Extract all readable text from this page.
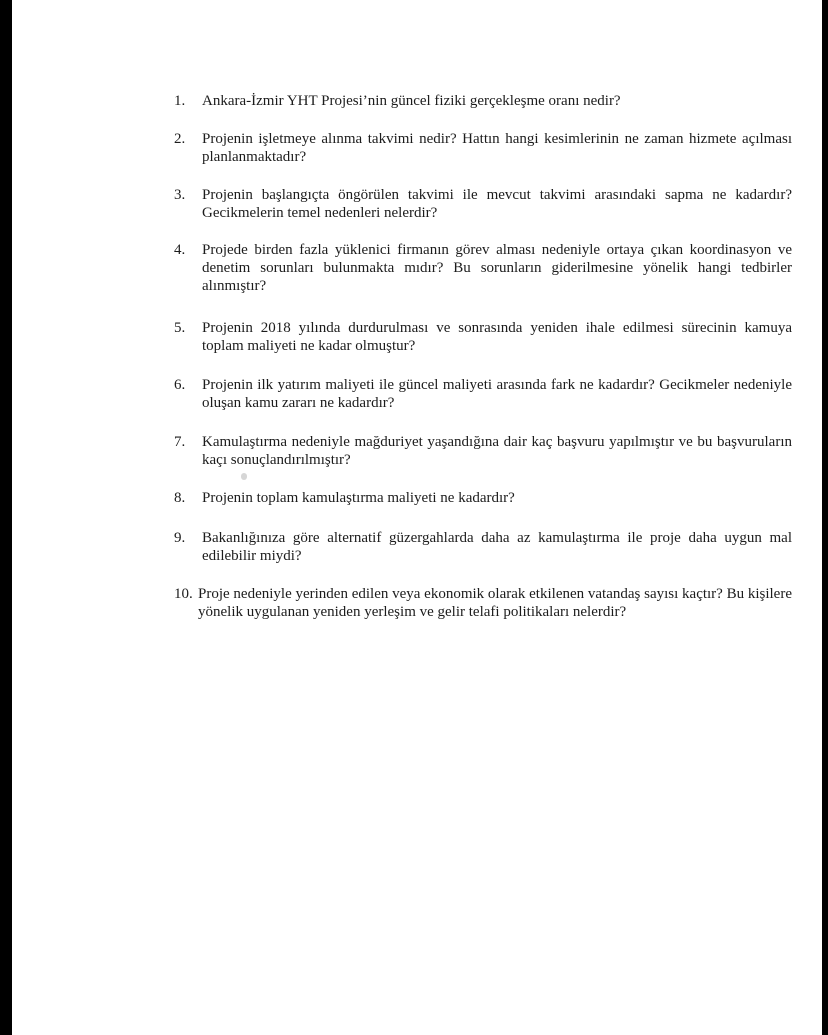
1.	Ankara-İzmir YHT Projesi’nin güncel fiziki gerçekleşme oranı nedir?
2.	Projenin işletmeye alınma takvimi nedir? Hattın hangi kesimlerinin ne zaman hizmete açılması planlanmaktadır?
3.	Projenin başlangıçta öngörülen takvimi ile mevcut takvimi arasındaki sapma ne kadardır? Gecikmelerin temel nedenleri nelerdir?
4.	Projede birden fazla yüklenici firmanın görev alması nedeniyle ortaya çıkan koordinasyon ve denetim sorunları bulunmakta mıdır? Bu sorunların giderilmesine yönelik hangi tedbirler alınmıştır?
5.	Projenin 2018 yılında durdurulması ve sonrasında yeniden ihale edilmesi sürecinin kamuya toplam maliyeti ne kadar olmuştur?
6.	Projenin ilk yatırım maliyeti ile güncel maliyeti arasında fark ne kadardır? Gecikmeler nedeniyle oluşan kamu zararı ne kadardır?
7.	Kamulaştırma nedeniyle mağduriyet yaşandığına dair kaç başvuru yapılmıştır ve bu başvuruların kaçı sonuçlandırılmıştır?
8.	Projenin toplam kamulaştırma maliyeti ne kadardır?
9.	Bakanlığınıza göre alternatif güzergahlarda daha az kamulaştırma ile proje daha uygun mal edilebilir miydi?
10. Proje nedeniyle yerinden edilen veya ekonomik olarak etkilenen vatandaş sayısı kaçtır? Bu kişilere yönelik uygulanan yeniden yerleşim ve gelir telafi politikaları nelerdir?
